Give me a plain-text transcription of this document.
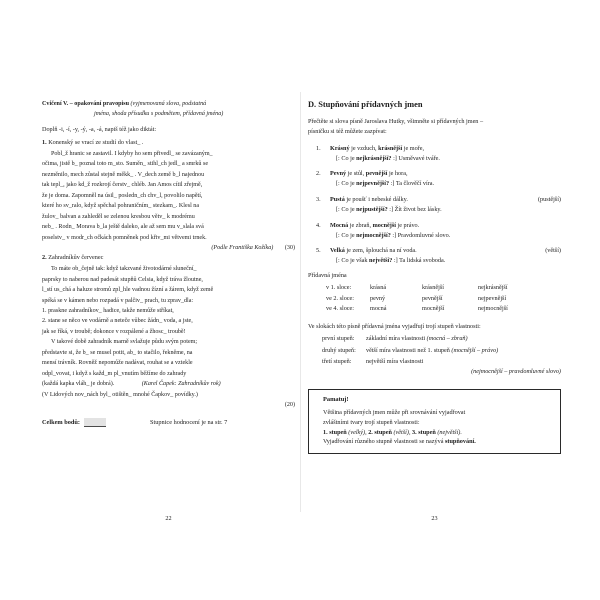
Cvičení V. – opakování pravopisu (vyjmenovaná slova, podstatná

jména, shoda přísudku s podmětem, přídavná jména)

Doplň -i, -í, -y, -ý, -a, -á, napiš též jako diktát:

1. Konenský se vrací ze studií do vlast_ .

Pobl_ž hranic se zastavil. I kdyby ho sem přivedl_ se zavázaným_

očima, jistě b_ poznal toto m_sto. Suměn_ stihl_ch jedl_ a smrků se

nezměnilo, mech zůstal stejně měkk_ . V_dech země b_l najednou

tak tepl_, jako kd_ž rozkrojí čerstv_ chléb. Jan Amos cítil zřejmě,

že je doma. Zapomněl na úsil_ posledn_ch chv_l, povolilo napětí,

které ho sv_ralo, když spěchal pohraničním_ stezkam_. Klesl na

žulov_ balvan a zahleděl se zelenou kresbou větv_ k modrému

neb_ . Rodn_ Morava b_la ještě daleko, ale až sem mu v_slala svá

poselstv_ v modr_ch očkách pomněnek pod křiv_mi větvemi trnek.

(Podle Františka Kožíka) (30)

2. Zahradníkův červenec

To máte ob_čejně tak: když takzvané životodárné sluneční_

paprsky to naberou nad padesát stupňů Celsia, když tráva žloutne,

l_stí us_chá a haluze stromů zpl_hle vadnou žízní a žárem, když země

spéká se v kámen nebo rozpadá v palčiv_ prach, tu zprav_dla:

1. praskne zahradníkov_ hadice, takže nemůže stříkat,

2. stane se něco ve vodárně a neteče vůbec žádn_ voda, a jste,

jak se říká, v troubě; dokonce v rozpálené a žhosc_ troubě!

V takové době zahradník marně svlažuje půdu svým potem;

představte si, že b_ se musel potit, ab_ to stačilo, řekněme, na

mensí trávník. Rovněž nepomůže nadávat, rouhat se a vztekle

odpl_vovat, i když s každ_m pl_vnutím běžíme do zahrady

(každá kapka vláh_ je dobrá).	(Karel Čapek: Zahradníkův rok)

(V Lidových nov_nách byl_ otištěn_ mnohé Čapkov_ povídky.)

(20)

Celkem bodů:	Stupnice hodnocení je na str. 7
22
D. Stupňování přídavných jmen

Přečtěte si slova písně Jaroslava Hutky, všimněte si přídavných jmen –
písničku si též můžete zazpívat:

1. Krásný je vzduch, krásnější je moře,
[: Co je nejkrásnější? :] Usměvavé tváře.

2. Pevný je stůl, pevnější je hora,
[: Co je nejpevnější? :] Ta člověčí víra.

(pustější)
3. Pustá je poušť i nebeské dálky.
[: Co je nejpustější? :] Žít život bez lásky.

4. Mocná je zbraň, mocnější je právo.
[: Co je nejmocnější? :] Pravdomluvné slovo.

(větší)
5. Velká je zem, šplouchá na ní voda.
[: Co je však největší? :] Ta lidská svoboda.

Přídavná jména

v 1. sloce:	krásná	krásnější	nejkrásnější
ve 2. sloce:	pevný	pevnější	nejpevnější
ve 4. sloce:	mocná	mocnější	nejmocnější

Ve slokách této písně přídavná jména vyjadřují trojí stupeň vlastnosti:

první stupeň:	základní míra vlastnosti (mocná – zbraň)
druhý stupeň:	větší míra vlastnosti než 1. stupeň (mocnější – právo)
třetí stupeň:	největší míra vlastnosti

(nejmocnější – pravdomluvné slovo)

Pamatuj!

Většina přídavných jmen může při srovnávání vyjadřovat
zvláštními tvary trojí stupeň vlastnosti:
1. stupeň (velký), 2. stupeň (větší), 3. stupeň (největší).
Vyjadřování různého stupně vlastnosti se nazývá stupňování.

23
